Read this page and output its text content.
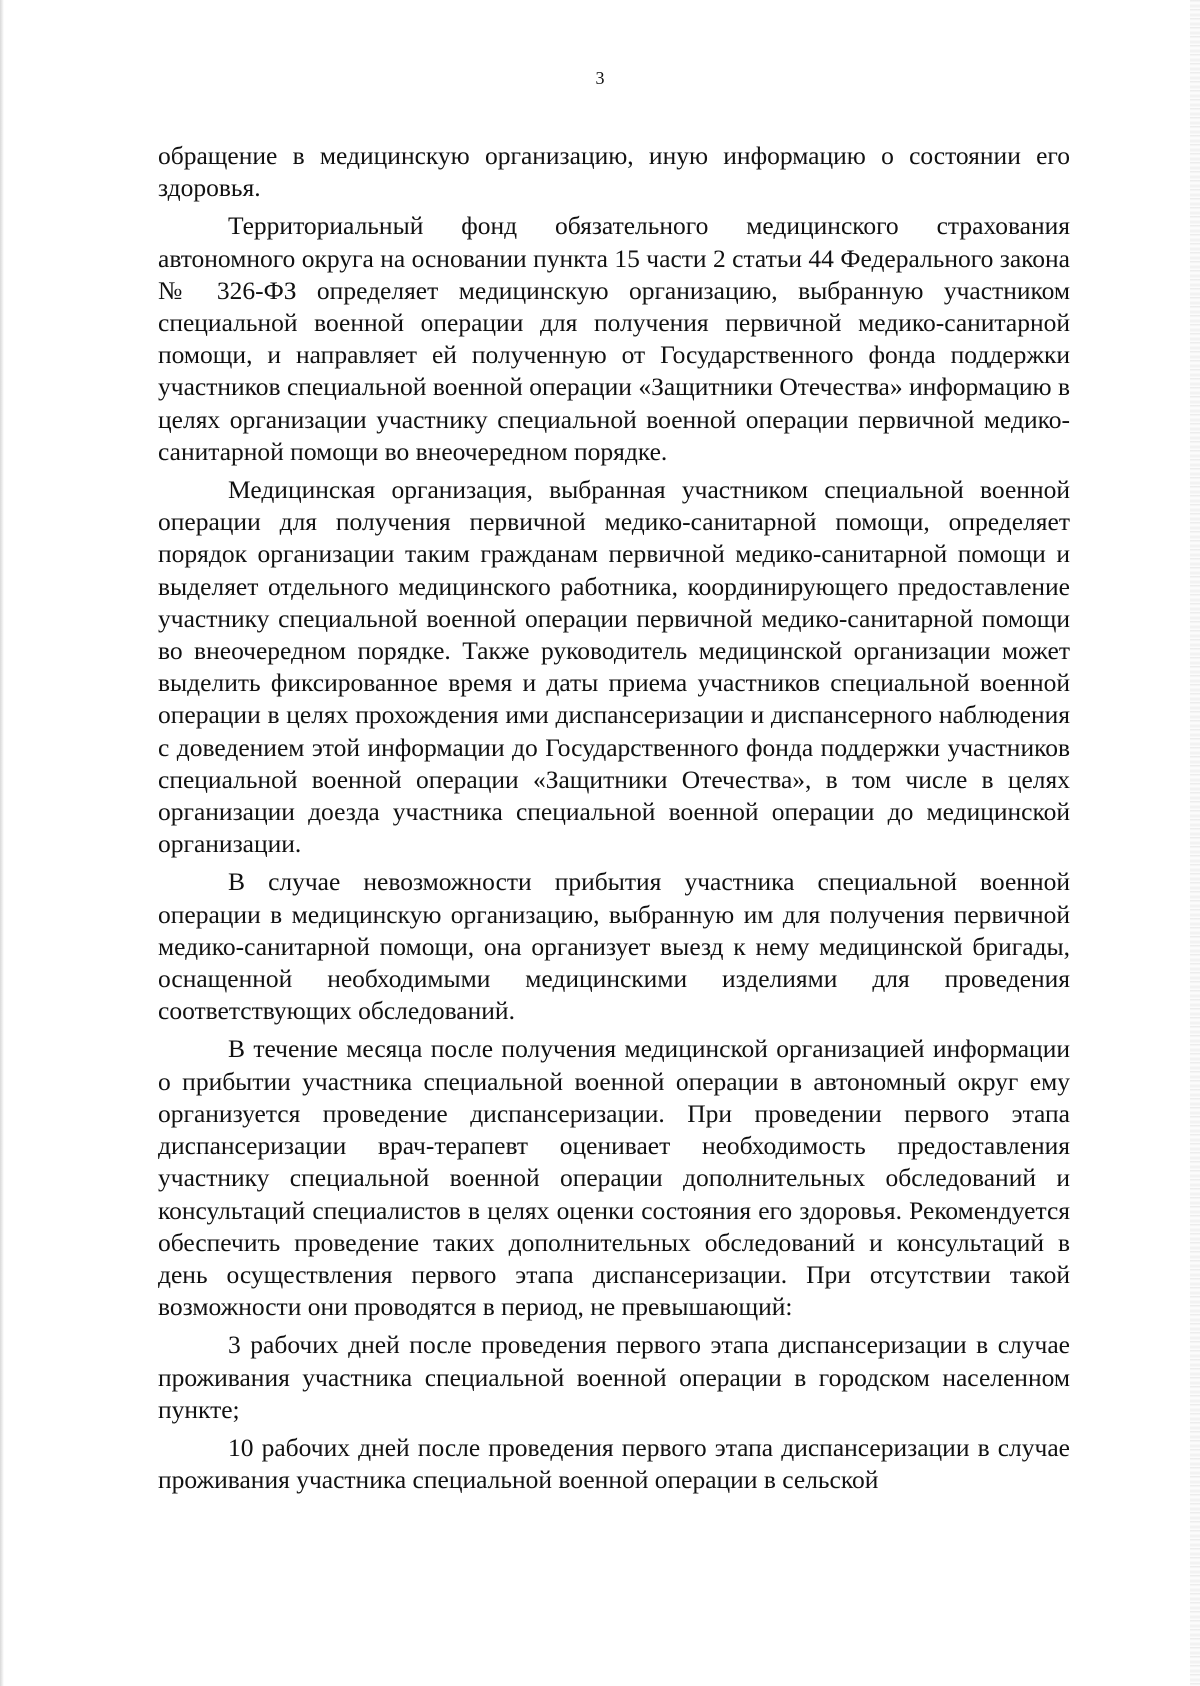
3

обращение в медицинскую организацию, иную информацию о состоянии его здоровья.

Территориальный фонд обязательного медицинского страхования автономного округа на основании пункта 15 части 2 статьи 44 Федерального закона № 326-ФЗ определяет медицинскую организацию, выбранную участником специальной военной операции для получения первичной медико-санитарной помощи, и направляет ей полученную от Государственного фонда поддержки участников специальной военной операции «Защитники Отечества» информацию в целях организации участнику специальной военной операции первичной медико-санитарной помощи во внеочередном порядке.

Медицинская организация, выбранная участником специальной военной операции для получения первичной медико-санитарной помощи, определяет порядок организации таким гражданам первичной медико-санитарной помощи и выделяет отдельного медицинского работника, координирующего предоставление участнику специальной военной операции первичной медико-санитарной помощи во внеочередном порядке. Также руководитель медицинской организации может выделить фиксированное время и даты приема участников специальной военной операции в целях прохождения ими диспансеризации и диспансерного наблюдения с доведением этой информации до Государственного фонда поддержки участников специальной военной операции «Защитники Отечества», в том числе в целях организации доезда участника специальной военной операции до медицинской организации.

В случае невозможности прибытия участника специальной военной операции в медицинскую организацию, выбранную им для получения первичной медико-санитарной помощи, она организует выезд к нему медицинской бригады, оснащенной необходимыми медицинскими изделиями для проведения соответствующих обследований.

В течение месяца после получения медицинской организацией информации о прибытии участника специальной военной операции в автономный округ ему организуется проведение диспансеризации. При проведении первого этапа диспансеризации врач-терапевт оценивает необходимость предоставления участнику специальной военной операции дополнительных обследований и консультаций специалистов в целях оценки состояния его здоровья. Рекомендуется обеспечить проведение таких дополнительных обследований и консультаций в день осуществления первого этапа диспансеризации. При отсутствии такой возможности они проводятся в период, не превышающий:

3 рабочих дней после проведения первого этапа диспансеризации в случае проживания участника специальной военной операции в городском населенном пункте;

10 рабочих дней после проведения первого этапа диспансеризации в случае проживания участника специальной военной операции в сельской
